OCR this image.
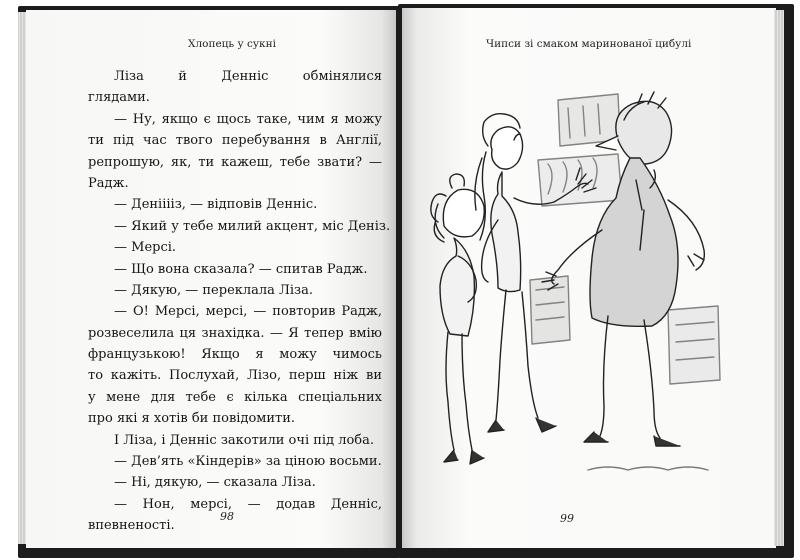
Хлопець у сукні	Чипси зі смаком маринованої цибулі
Ліза й Денніс обмінялися
глядами.
— Ну, якщо є щось таке, чим я можу
ти під час твого перебування в Англії,
репрошую, як, ти кажеш, тебе звати? —
Радж.
— Денііііз, — відповів Денніс.
— Який у тебе милий акцент, міс Деніз.
— Мерсі.
— Що вона сказала? — спитав Радж.
— Дякую, — переклала Ліза.
— О! Мерсі, мерсі, — повторив Радж,
розвеселила ця знахідка. — Я тепер вмію
французькою! Якщо я можу чимось
то кажіть. Послухай, Лізо, перш ніж ви
у мене для тебе є кілька спеціальних
про які я хотів би повідомити.
І Ліза, і Денніс закотили очі під лоба.
— Дев’ять «Кіндерів» за ціною восьми.
— Ні, дякую, — сказала Ліза.
— Нон, мерсі, — додав Денніс,
впевненості.
98	99
